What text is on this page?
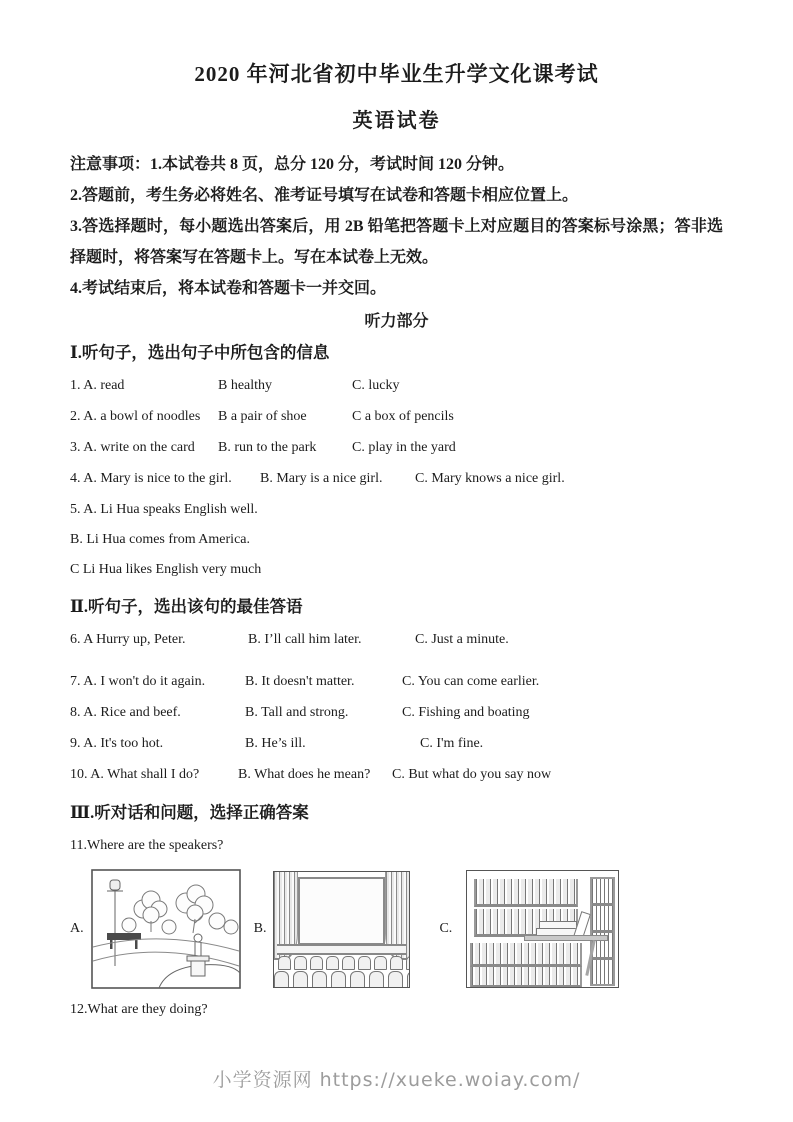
2020 年河北省初中毕业生升学文化课考试
英语试卷

注意事项：1.本试卷共 8 页，总分 120 分，考试时间 120 分钟。

2.答题前，考生务必将姓名、准考证号填写在试卷和答题卡相应位置上。

3.答选择题时，每小题选出答案后，用 2B 铅笔把答题卡上对应题目的答案标号涂黑；答非选择题时，将答案写在答题卡上。写在本试卷上无效。

4.考试结束后，将本试卷和答题卡一并交回。

听力部分
Ⅰ.听句子，选出句子中所包含的信息
1. A. read	B healthy	C. lucky
2. A. a bowl of noodles	B a pair of shoe	C a box of pencils
3. A. write on the card	B. run to the park	C. play in the yard
4. A. Mary is nice to the girl.	B. Mary is a nice girl.	C. Mary knows a nice girl.
5. A. Li Hua speaks English well.
B. Li Hua comes from America.
C Li Hua likes English very much
Ⅱ.听句子，选出该句的最佳答语
6. A Hurry up, Peter.	B. I’ll call him later.	C. Just a minute.
7. A. I won't do it again.	B. It doesn't matter.	C. You can come earlier.
8. A. Rice and beef.	B. Tall and strong.	C. Fishing and boating
9. A. It's too hot.	B. He’s ill.	C. I'm fine.
10. A. What shall I do?	B. What does he mean?	C. But what do you say now
Ⅲ.听对话和问题，选择正确答案
11.Where are the speakers?
A.	B.	C.
12.What are they doing?
小学资源网 https://xueke.woiay.com/
